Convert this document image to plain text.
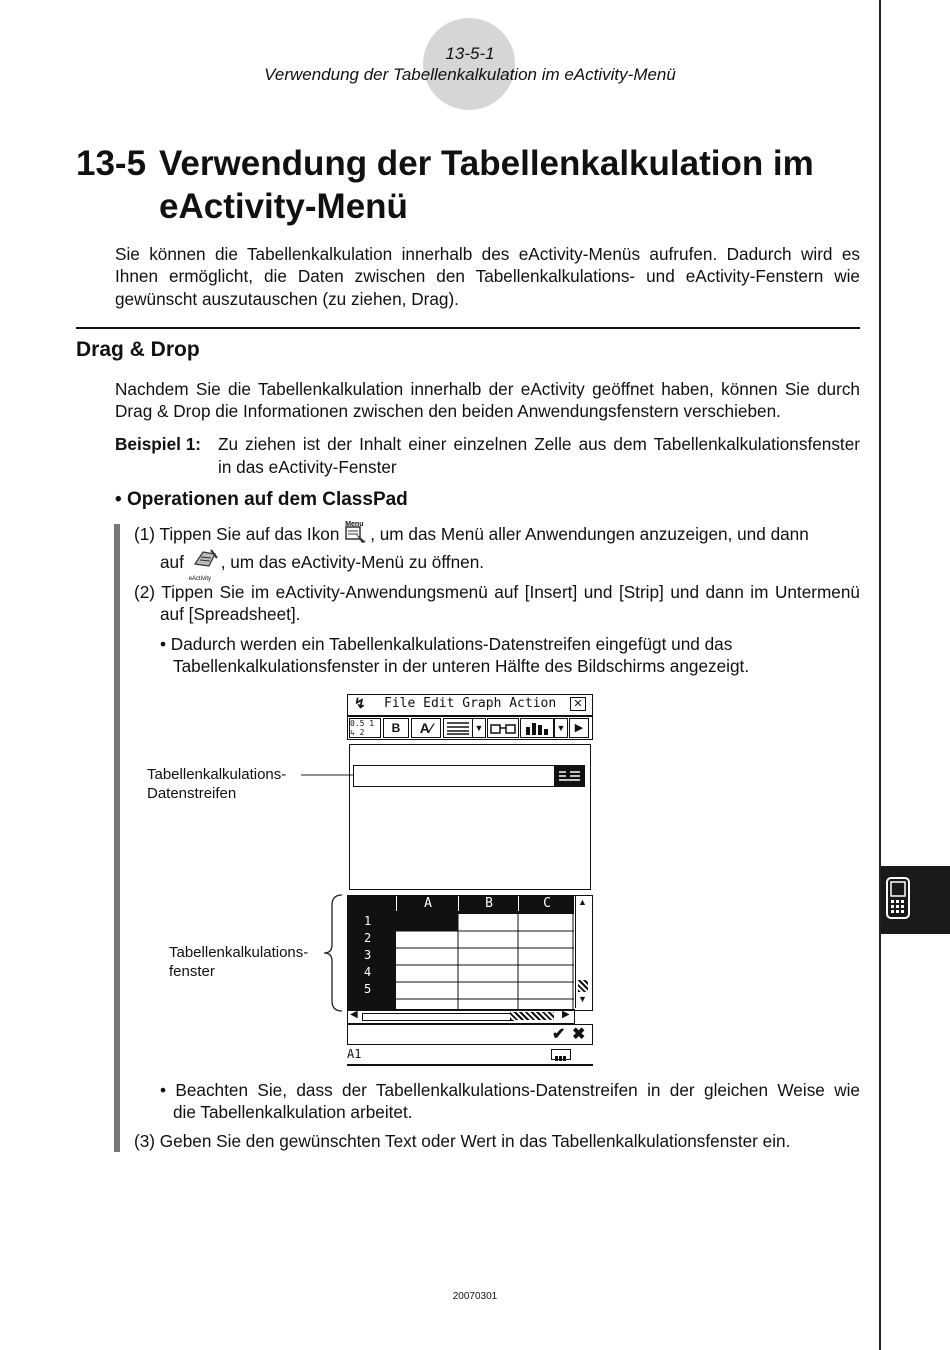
13-5-1
Verwendung der Tabellenkalkulation im eActivity-Menü
13-5 Verwendung der Tabellenkalkulation im
eActivity-Menü
Sie können die Tabellenkalkulation innerhalb des eActivity-Menüs aufrufen. Dadurch wird es
Ihnen ermöglicht, die Daten zwischen den Tabellenkalkulations- und eActivity-Fenstern wie
gewünscht auszutauschen (zu ziehen, Drag).
Drag & Drop
Nachdem Sie die Tabellenkalkulation innerhalb der eActivity geöffnet haben, können Sie durch
Drag & Drop die Informationen zwischen den beiden Anwendungsfenstern verschieben.
Beispiel 1: Zu ziehen ist der Inhalt einer einzelnen Zelle aus dem Tabellenkalkulationsfenster
in das eActivity-Fenster
• Operationen auf dem ClassPad
(1) Tippen Sie auf das Ikon Menu , um das Menü aller Anwendungen anzuzeigen, und dann
auf
eActivity
, um das eActivity-Menü zu öffnen.
(2) Tippen Sie im eActivity-Anwendungsmenü auf [Insert] und [Strip] und dann im Untermenü
auf [Spreadsheet].
• Dadurch werden ein Tabellenkalkulations-Datenstreifen eingefügt und das
Tabellenkalkulationsfenster in der unteren Hälfte des Bildschirms angezeigt.
Tabellenkalkulations-
Datenstreifen
Tabellenkalkulations-
fenster
↯ File Edit Graph Action	✕
0.5 1
↳ 2	B	A⁄	▼	▼ ▶
A	B	C
1
2
3
4
5
▲
▼
◀	▶
✔ ✖
A1
• Beachten Sie, dass der Tabellenkalkulations-Datenstreifen in der gleichen Weise wie
die Tabellenkalkulation arbeitet.
(3) Geben Sie den gewünschten Text oder Wert in das Tabellenkalkulationsfenster ein.
20070301
